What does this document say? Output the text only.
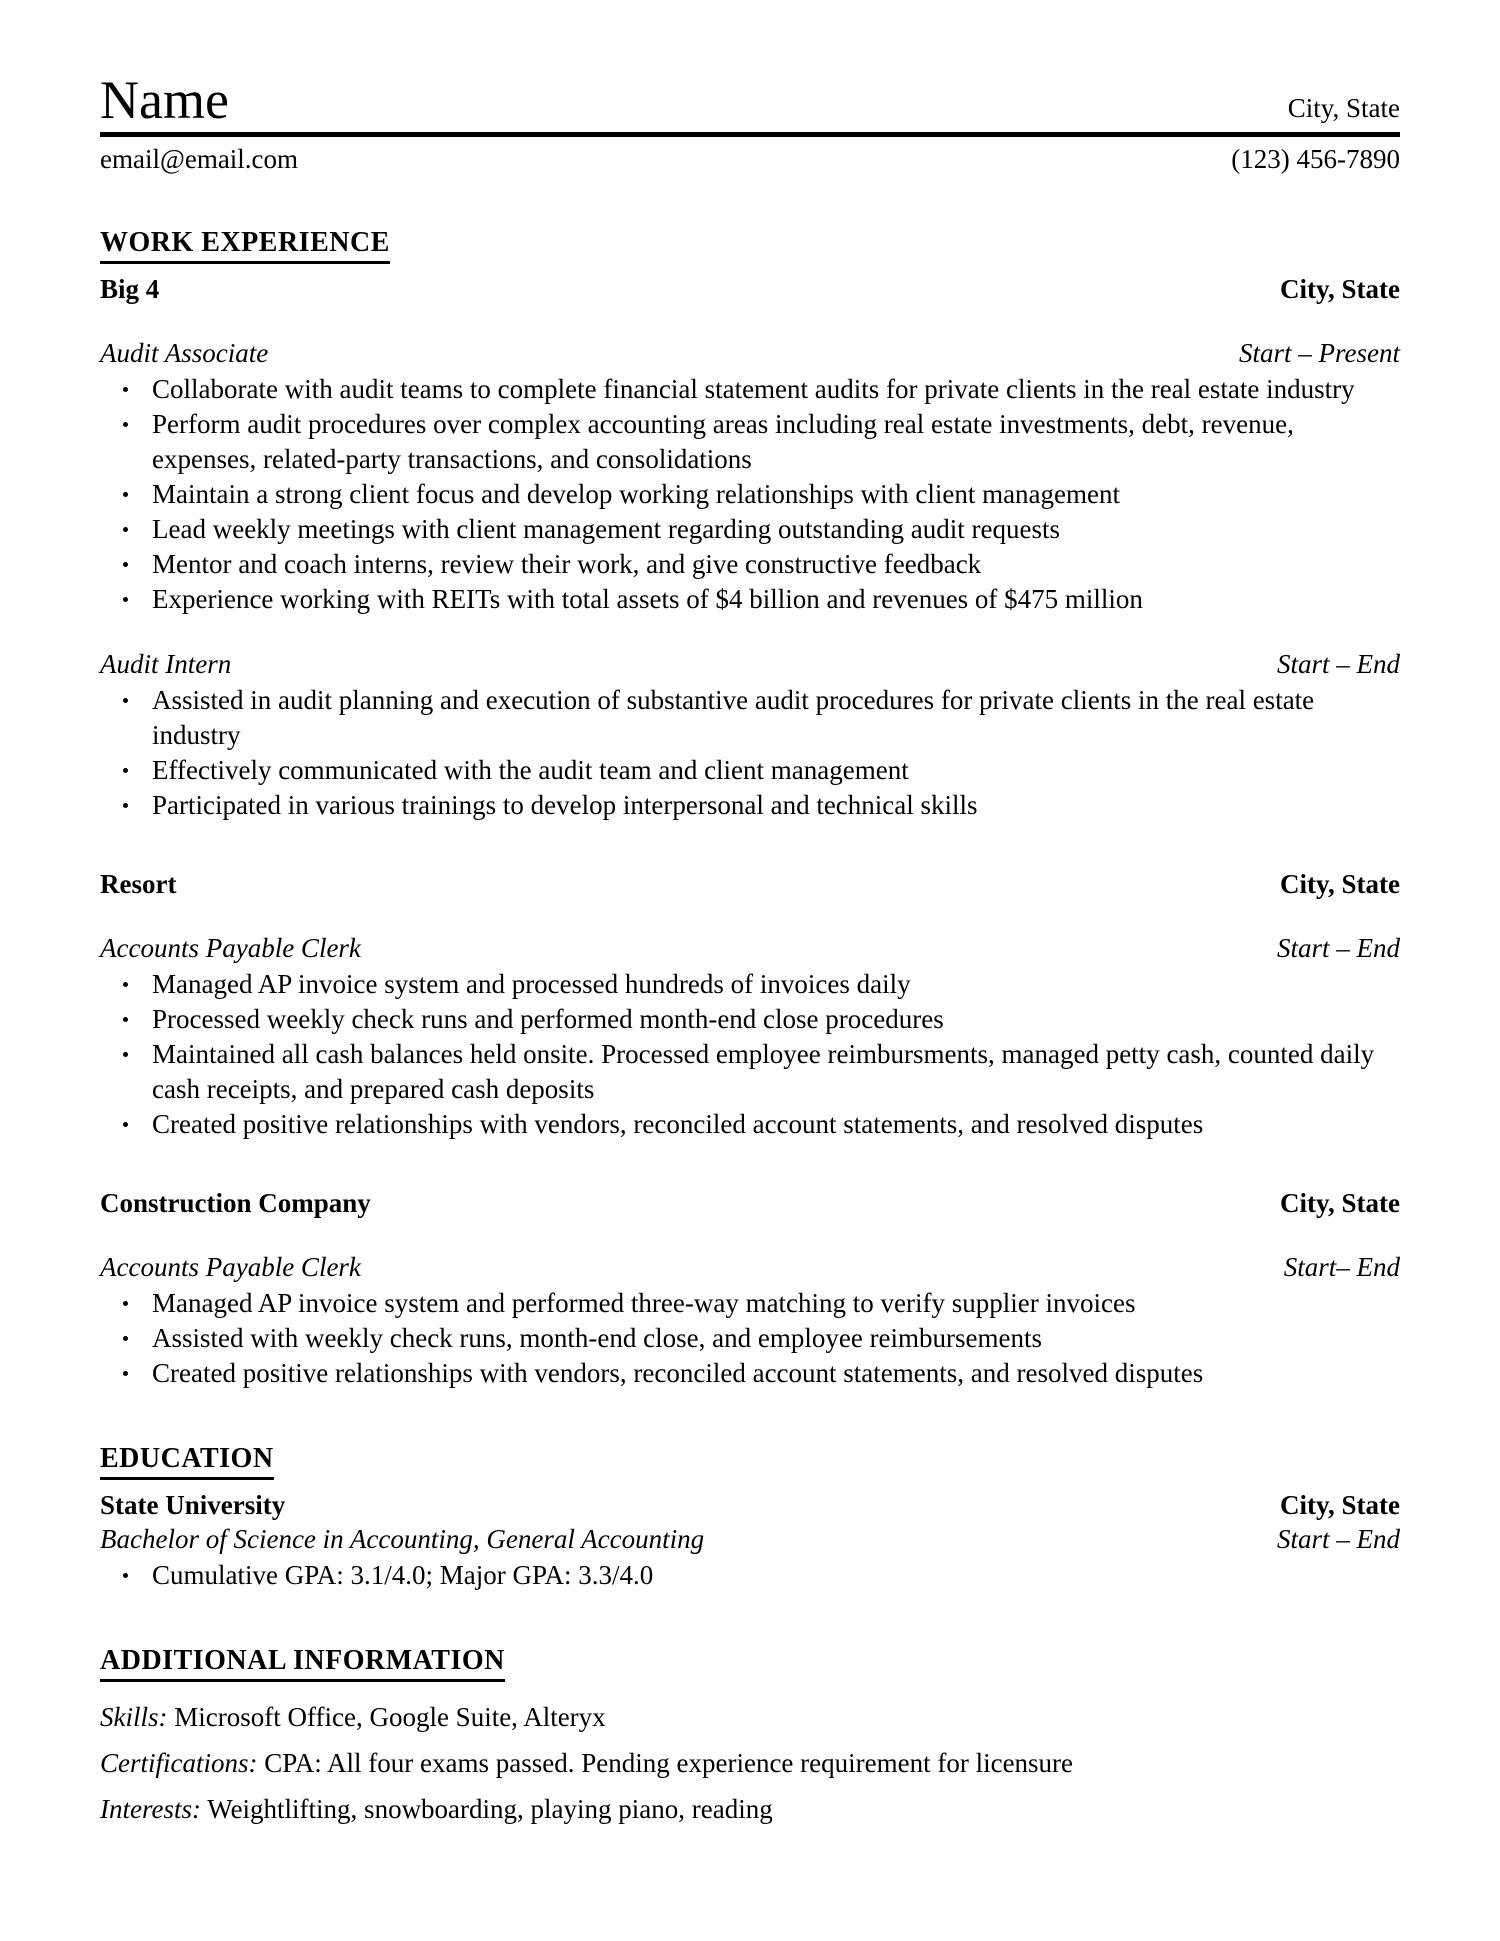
Name	City, State
email@email.com	(123) 456-7890
WORK EXPERIENCE
Big 4	City, State
Audit Associate	Start – Present
Collaborate with audit teams to complete financial statement audits for private clients in the real estate industry
Perform audit procedures over complex accounting areas including real estate investments, debt, revenue, expenses, related-party transactions, and consolidations
Maintain a strong client focus and develop working relationships with client management
Lead weekly meetings with client management regarding outstanding audit requests
Mentor and coach interns, review their work, and give constructive feedback
Experience working with REITs with total assets of $4 billion and revenues of $475 million
Audit Intern	Start – End
Assisted in audit planning and execution of substantive audit procedures for private clients in the real estate industry
Effectively communicated with the audit team and client management
Participated in various trainings to develop interpersonal and technical skills
Resort	City, State
Accounts Payable Clerk	Start – End
Managed AP invoice system and processed hundreds of invoices daily
Processed weekly check runs and performed month-end close procedures
Maintained all cash balances held onsite. Processed employee reimbursments, managed petty cash, counted daily cash receipts, and prepared cash deposits
Created positive relationships with vendors, reconciled account statements, and resolved disputes
Construction Company	City, State
Accounts Payable Clerk	Start– End
Managed AP invoice system and performed three-way matching to verify supplier invoices
Assisted with weekly check runs, month-end close, and employee reimbursements
Created positive relationships with vendors, reconciled account statements, and resolved disputes
EDUCATION
State University	City, State
Bachelor of Science in Accounting, General Accounting	Start – End
Cumulative GPA: 3.1/4.0; Major GPA: 3.3/4.0
ADDITIONAL INFORMATION
Skills: Microsoft Office, Google Suite, Alteryx
Certifications: CPA: All four exams passed. Pending experience requirement for licensure
Interests: Weightlifting, snowboarding, playing piano, reading
